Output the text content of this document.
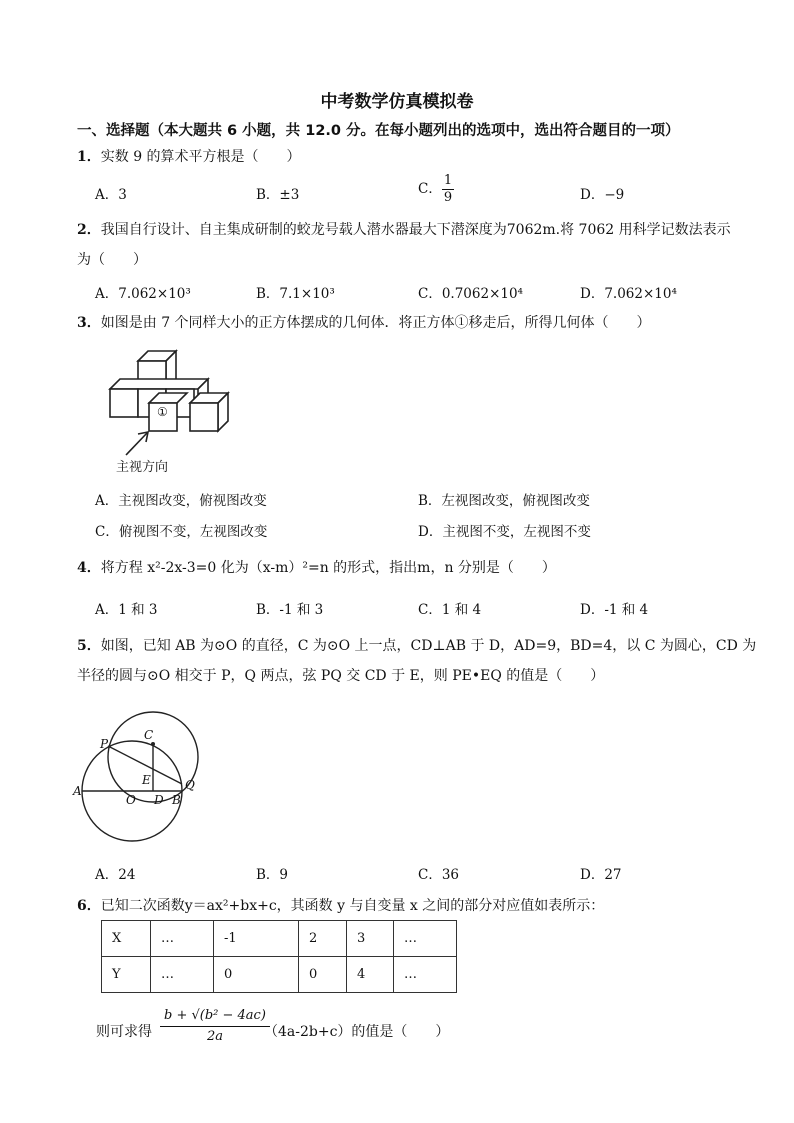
中考数学仿真模拟卷
一、选择题（本大题共 6 小题，共 12.0 分。在每小题列出的选项中，选出符合题目的一项）
1．实数 9 的算术平方根是（　　）
A．3	B．±3	C． $\frac{1}{9}$	D．−9
2．我国自行设计、自主集成研制的蛟龙号载人潜水器最大下潜深度为7062m.将 7062 用科学记数法表示
为（　　）
A．7.062×10³	B．7.1×10³	C．0.7062×10⁴	D．7.062×10⁴
3．如图是由 7 个同样大小的正方体摆成的几何体．将正方体①移走后，所得几何体（　　）
①
主视方向
A．主视图改变，俯视图改变	B．左视图改变，俯视图改变
C．俯视图不变，左视图改变	D．主视图不变，左视图不变
4．将方程 x²-2x-3=0 化为（x-m）²=n 的形式，指出m，n 分别是（　　）
A．1 和 3	B．-1 和 3	C．1 和 4	D．-1 和 4
5．如图，已知 AB 为⊙O 的直径，C 为⊙O 上一点，CD⊥AB 于 D，AD=9，BD=4，以 C 为圆心，CD 为
半径的圆与⊙O 相交于 P，Q 两点，弦 PQ 交 CD 于 E，则 PE•EQ 的值是（　　）
P
C
E	Q
A
O D B
A．24	B．9	C．36	D．27
6．已知二次函数y＝ax²+bx+c，其函数 y 与自变量 x 之间的部分对应值如表所示：
X	…	-1	2	3	…
Y	…	0	0	4	…
则可求得 $\frac{\text{b + √(b² − 4ac)}}{2a}$
（4a-2b+c）的值是（　　）
